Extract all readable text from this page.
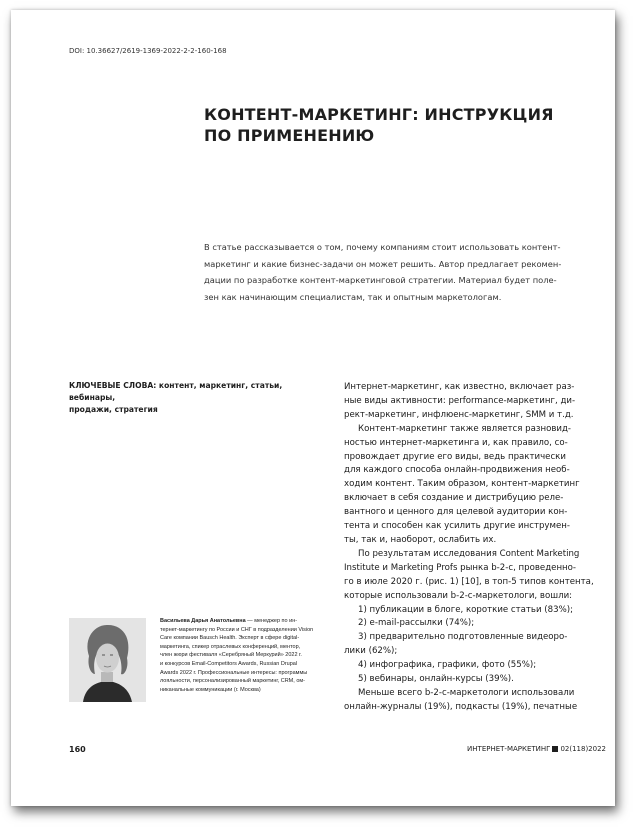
DOI: 10.36627/2619-1369-2022-2-2-160-168
КОНТЕНТ-МАРКЕТИНГ: ИНСТРУКЦИЯ
ПО ПРИМЕНЕНИЮ
В статье рассказывается о том, почему компаниям стоит использовать контент-
маркетинг и какие бизнес-задачи он может решить. Автор предлагает рекомен-
дации по разработке контент-маркетинговой стратегии. Материал будет поле-
зен как начинающим специалистам, так и опытным маркетологам.
КЛЮЧЕВЫЕ СЛОВА: контент, маркетинг, статьи, вебинары,
продажи, стратегия
Интернет-маркетинг, как известно, включает раз-
ные виды активности: performance-маркетинг, ди-
рект-маркетинг, инфлюенс-маркетинг, SMM и т.д.
Контент-маркетинг также является разновид-
ностью интернет-маркетинга и, как правило, со-
провождает другие его виды, ведь практически
для каждого способа онлайн-продвижения необ-
ходим контент. Таким образом, контент-маркетинг
включает в себя создание и дистрибуцию реле-
вантного и ценного для целевой аудитории кон-
тента и способен как усилить другие инструмен-
ты, так и, наоборот, ослабить их.
По результатам исследования Content Marketing
Institute и Marketing Profs рынка b-2-c, проведенно-
го в июле 2020 г. (рис. 1) [10], в топ-5 типов контента,
которые использовали b-2-c-маркетологи, вошли:
1) публикации в блоге, короткие статьи (83%);
2) e-mail-рассылки (74%);
3) предварительно подготовленные видеоро-
лики (62%);
4) инфографика, графики, фото (55%);
5) вебинары, онлайн-курсы (39%).
Меньше всего b-2-c-маркетологи использовали
онлайн-журналы (19%), подкасты (19%), печатные
Васильева Дарья Анатольевна — менеджер по ин-
тернет-маркетингу по России и СНГ в подразделении Vision
Care компании Bausch Health. Эксперт в сфере digital-
маркетинга, спикер отраслевых конференций, ментор,
член жюри фестиваля «Серебряный Меркурий» 2022 г.
и конкурсов Email-Competitors Awards, Russian Drupal
Awards 2022 г. Профессиональные интересы: программы
лояльности, персонализированный маркетинг, CRM, ом-
никанальные коммуникации (г. Москва)
160	ИНТЕРНЕТ-МАРКЕТИНГ 02(118)2022
